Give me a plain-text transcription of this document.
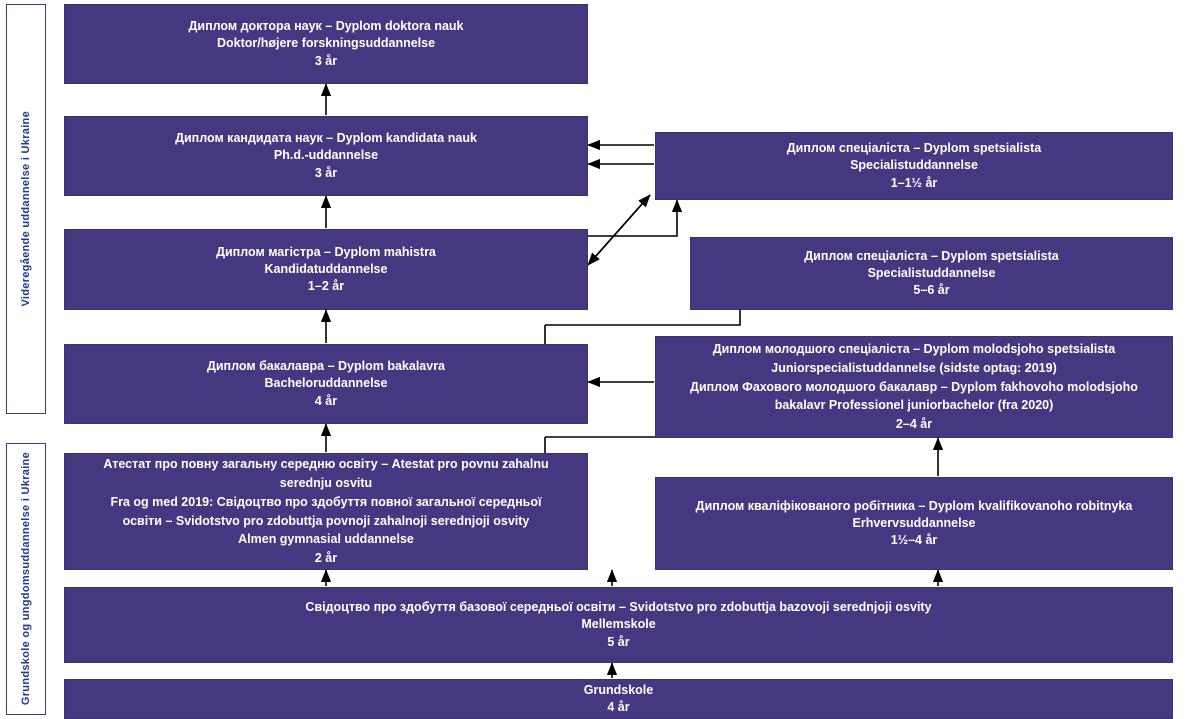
Videregående uddannelse i Ukraine
Grundskole og ungdomsuddannelse i Ukraine
Диплом доктора наук – Dyplom doktora nauk
Doktor/højere forskningsuddannelse
3 år
Диплом кандидата наук – Dyplom kandidata nauk
Ph.d.-uddannelse
3 år
Диплом магістра – Dyplom mahistra
Kandidatuddannelse
1–2 år
Диплом бакалавра – Dyplom bakalavra
Bacheloruddannelse
4 år
Диплом спеціаліста – Dyplom spetsialista
Specialistuddannelse
1–1½ år
Диплом спеціаліста – Dyplom spetsialista
Specialistuddannelse
5–6 år
Диплом молодшого спеціаліста – Dyplom molodsjoho spetsialista
Juniorspecialistuddannelse (sidste optag: 2019)
Диплом Фахового молодшого бакалавр – Dyplom fakhovoho molodsjoho
bakalavr Professionel juniorbachelor (fra 2020)
2–4 år
Атестат про повну загальну середню освіту – Atestat pro povnu zahalnu
serednju osvitu
Fra og med 2019: Свідоцтво про здобуття повної загальної середньої
освіти – Svidotstvo pro zdobuttja povnoji zahalnoji serednjoji osvity
Almen gymnasial uddannelse
2 år
Диплом кваліфікованого робітника – Dyplom kvalifikovanoho robitnyka
Erhvervsuddannelse
1½–4 år
Свідоцтво про здобуття базової середньої освіти – Svidotstvo pro zdobuttja bazovoji serednjoji osvity
Mellemskole
5 år
Grundskole
4 år
